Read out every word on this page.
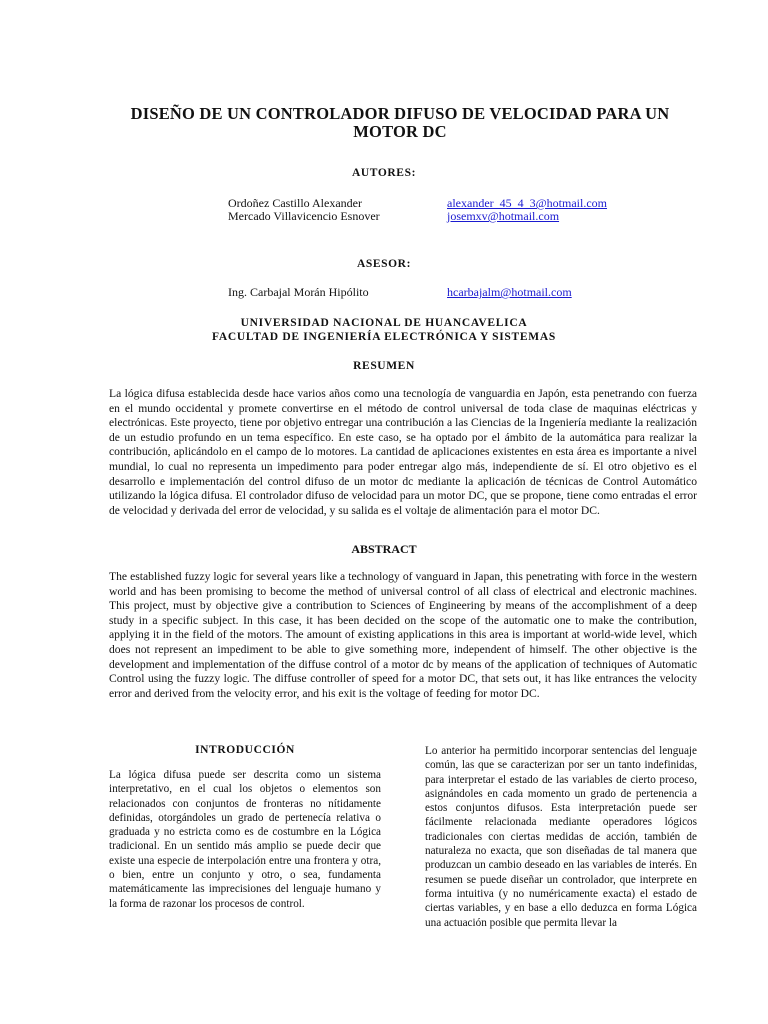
DISEÑO DE UN CONTROLADOR DIFUSO DE VELOCIDAD PARA UN
MOTOR DC
AUTORES:
Ordoñez Castillo Alexander	alexander_45_4_3@hotmail.com
Mercado Villavicencio Esnover	josemxv@hotmail.com
ASESOR:
Ing. Carbajal Morán Hipólito	hcarbajalm@hotmail.com
UNIVERSIDAD NACIONAL DE HUANCAVELICA
FACULTAD DE INGENIERÍA ELECTRÓNICA Y SISTEMAS
RESUMEN
La lógica difusa establecida desde hace varios años como una tecnología de vanguardia en Japón, esta penetrando con fuerza en el mundo occidental y promete convertirse en el método de control universal de toda clase de maquinas eléctricas y electrónicas. Este proyecto, tiene por objetivo entregar una contribución a las Ciencias de la Ingeniería mediante la realización de un estudio profundo en un tema específico. En este caso, se ha optado por el ámbito de la automática para realizar la contribución, aplicándolo en el campo de lo motores. La cantidad de aplicaciones existentes en esta área es importante a nivel mundial, lo cual no representa un impedimento para poder entregar algo más, independiente de sí. El otro objetivo es el desarrollo e implementación del control difuso de un motor dc mediante la aplicación de técnicas de Control Automático utilizando la lógica difusa. El controlador difuso de velocidad para un motor DC, que se propone, tiene como entradas el error de velocidad y derivada del error de velocidad, y su salida es el voltaje de alimentación para el motor DC.
ABSTRACT
The established fuzzy logic for several years like a technology of vanguard in Japan, this penetrating with force in the western world and has been promising to become the method of universal control of all class of electrical and electronic machines. This project, must by objective give a contribution to Sciences of Engineering by means of the accomplishment of a deep study in a specific subject. In this case, it has been decided on the scope of the automatic one to make the contribution, applying it in the field of the motors. The amount of existing applications in this area is important at world-wide level, which does not represent an impediment to be able to give something more, independent of himself. The other objective is the development and implementation of the diffuse control of a motor dc by means of the application of techniques of Automatic Control using the fuzzy logic. The diffuse controller of speed for a motor DC, that sets out, it has like entrances the velocity error and derived from the velocity error, and his exit is the voltage of feeding for motor DC.
INTRODUCCIÓN
La lógica difusa puede ser descrita como un sistema interpretativo, en el cual los objetos o elementos son relacionados con conjuntos de fronteras no nítidamente definidas, otorgándoles un grado de pertenecía relativa o graduada y no estricta como es de costumbre en la Lógica tradicional. En un sentido más amplio se puede decir que existe una especie de interpolación entre una frontera y otra, o bien, entre un conjunto y otro, o sea, fundamenta matemáticamente las imprecisiones del lenguaje humano y la forma de razonar los procesos de control.
Lo anterior ha permitido incorporar sentencias del lenguaje común, las que se caracterizan por ser un tanto indefinidas, para interpretar el estado de las variables de cierto proceso, asignándoles en cada momento un grado de pertenencia a estos conjuntos difusos. Esta interpretación puede ser fácilmente relacionada mediante operadores lógicos tradicionales con ciertas medidas de acción, también de naturaleza no exacta, que son diseñadas de tal manera que produzcan un cambio deseado en las variables de interés. En resumen se puede diseñar un controlador, que interprete en forma intuitiva (y no numéricamente exacta) el estado de ciertas variables, y en base a ello deduzca en forma Lógica una actuación posible que permita llevar la
